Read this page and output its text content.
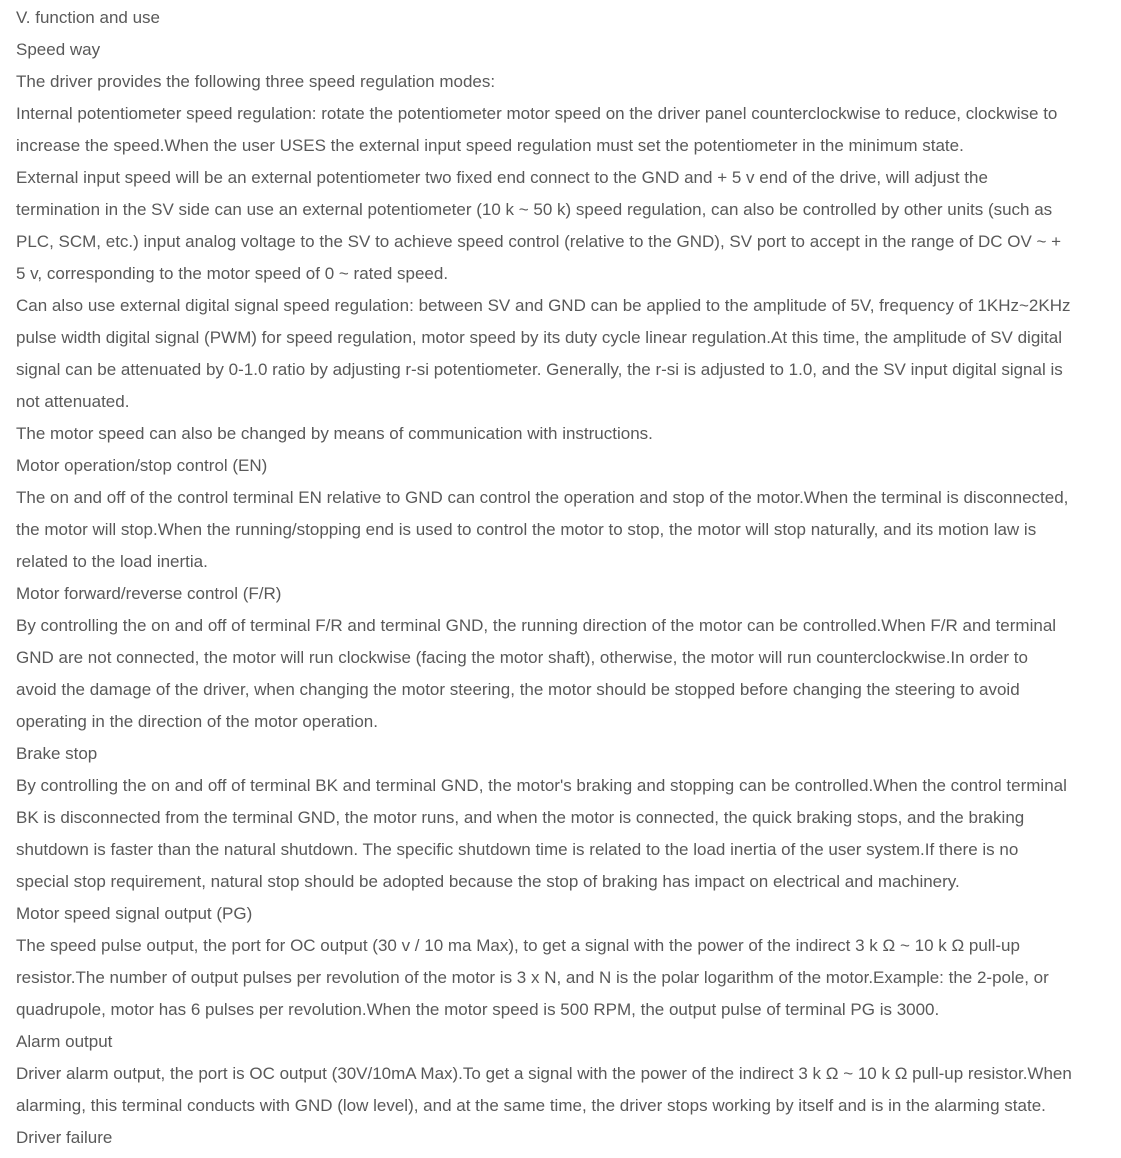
V. function and use
Speed way
The driver provides the following three speed regulation modes:
Internal potentiometer speed regulation: rotate the potentiometer motor speed on the driver panel counterclockwise to reduce, clockwise to
increase the speed.When the user USES the external input speed regulation must set the potentiometer in the minimum state.
External input speed will be an external potentiometer two fixed end connect to the GND and + 5 v end of the drive, will adjust the
termination in the SV side can use an external potentiometer (10 k ~ 50 k) speed regulation, can also be controlled by other units (such as
PLC, SCM, etc.) input analog voltage to the SV to achieve speed control (relative to the GND), SV port to accept in the range of DC OV ~ +
5 v, corresponding to the motor speed of 0 ~ rated speed.
Can also use external digital signal speed regulation: between SV and GND can be applied to the amplitude of 5V, frequency of 1KHz~2KHz
pulse width digital signal (PWM) for speed regulation, motor speed by its duty cycle linear regulation.At this time, the amplitude of SV digital
signal can be attenuated by 0-1.0 ratio by adjusting r-si potentiometer. Generally, the r-si is adjusted to 1.0, and the SV input digital signal is
not attenuated.
The motor speed can also be changed by means of communication with instructions.
Motor operation/stop control (EN)
The on and off of the control terminal EN relative to GND can control the operation and stop of the motor.When the terminal is disconnected,
the motor will stop.When the running/stopping end is used to control the motor to stop, the motor will stop naturally, and its motion law is
related to the load inertia.
Motor forward/reverse control (F/R)
By controlling the on and off of terminal F/R and terminal GND, the running direction of the motor can be controlled.When F/R and terminal
GND are not connected, the motor will run clockwise (facing the motor shaft), otherwise, the motor will run counterclockwise.In order to
avoid the damage of the driver, when changing the motor steering, the motor should be stopped before changing the steering to avoid
operating in the direction of the motor operation.
Brake stop
By controlling the on and off of terminal BK and terminal GND, the motor's braking and stopping can be controlled.When the control terminal
BK is disconnected from the terminal GND, the motor runs, and when the motor is connected, the quick braking stops, and the braking
shutdown is faster than the natural shutdown. The specific shutdown time is related to the load inertia of the user system.If there is no
special stop requirement, natural stop should be adopted because the stop of braking has impact on electrical and machinery.
Motor speed signal output (PG)
The speed pulse output, the port for OC output (30 v / 10 ma Max), to get a signal with the power of the indirect 3 k Ω ~ 10 k Ω pull-up
resistor.The number of output pulses per revolution of the motor is 3 x N, and N is the polar logarithm of the motor.Example: the 2-pole, or
quadrupole, motor has 6 pulses per revolution.When the motor speed is 500 RPM, the output pulse of terminal PG is 3000.
Alarm output
Driver alarm output, the port is OC output (30V/10mA Max).To get a signal with the power of the indirect 3 k Ω ~ 10 k Ω pull-up resistor.When
alarming, this terminal conducts with GND (low level), and at the same time, the driver stops working by itself and is in the alarming state.
Driver failure
